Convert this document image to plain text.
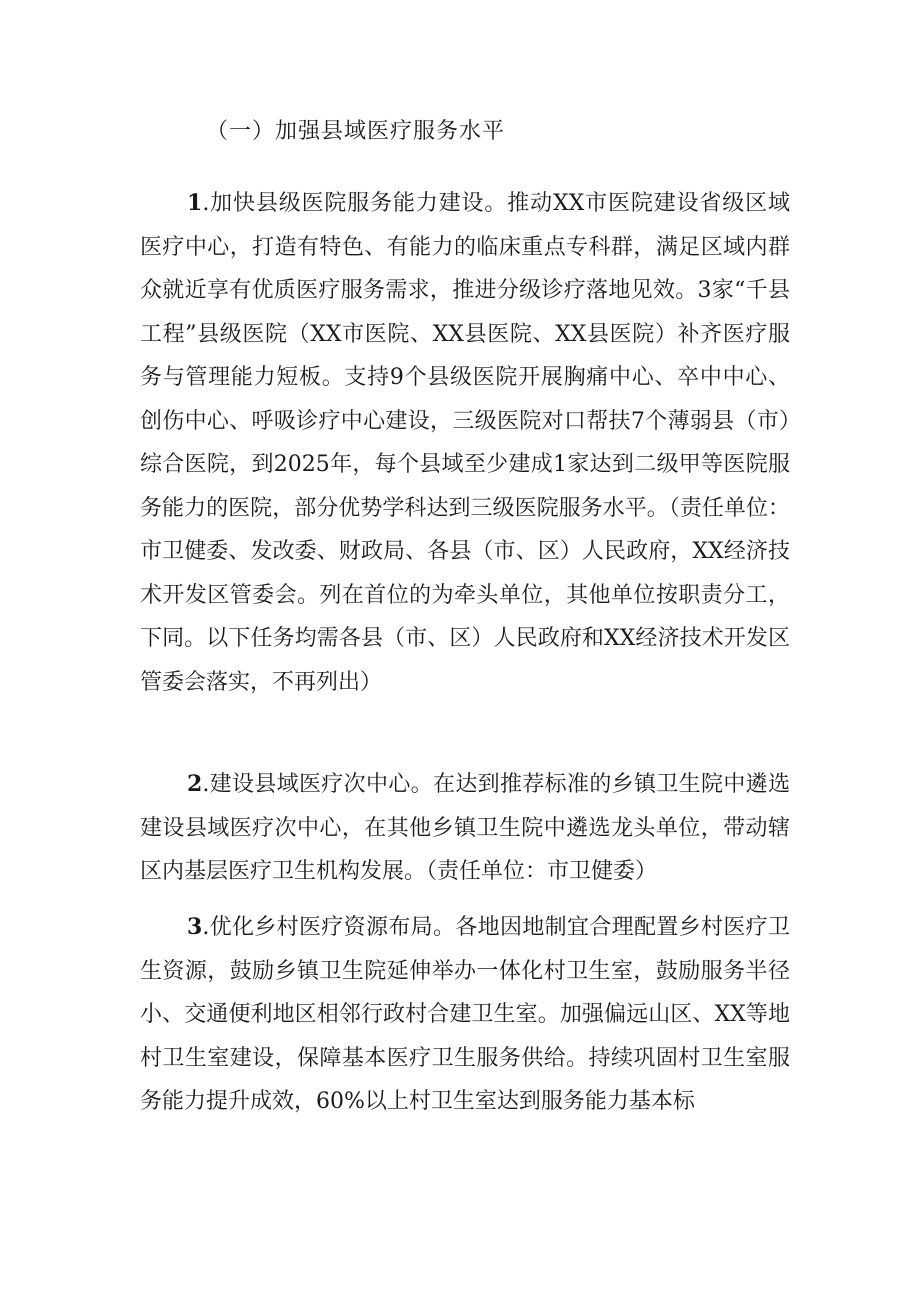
（一）加强县域医疗服务水平

1.加快县级医院服务能力建设。推动XX市医院建设省级区域医疗中心，打造有特色、有能力的临床重点专科群，满足区域内群众就近享有优质医疗服务需求，推进分级诊疗落地见效。3家“千县工程”县级医院（XX市医院、XX县医院、XX县医院）补齐医疗服务与管理能力短板。支持9个县级医院开展胸痛中心、卒中中心、创伤中心、呼吸诊疗中心建设，三级医院对口帮扶7个薄弱县（市）综合医院，到2025年，每个县域至少建成1家达到二级甲等医院服务能力的医院，部分优势学科达到三级医院服务水平。（责任单位：市卫健委、发改委、财政局、各县（市、区）人民政府，XX经济技术开发区管委会。列在首位的为牵头单位，其他单位按职责分工，下同。以下任务均需各县（市、区）人民政府和XX经济技术开发区管委会落实，不再列出）

2.建设县域医疗次中心。在达到推荐标准的乡镇卫生院中遴选建设县域医疗次中心，在其他乡镇卫生院中遴选龙头单位，带动辖区内基层医疗卫生机构发展。（责任单位：市卫健委）

3.优化乡村医疗资源布局。各地因地制宜合理配置乡村医疗卫生资源，鼓励乡镇卫生院延伸举办一体化村卫生室，鼓励服务半径小、交通便利地区相邻行政村合建卫生室。加强偏远山区、XX等地村卫生室建设，保障基本医疗卫生服务供给。持续巩固村卫生室服务能力提升成效，60%以上村卫生室达到服务能力基本标
